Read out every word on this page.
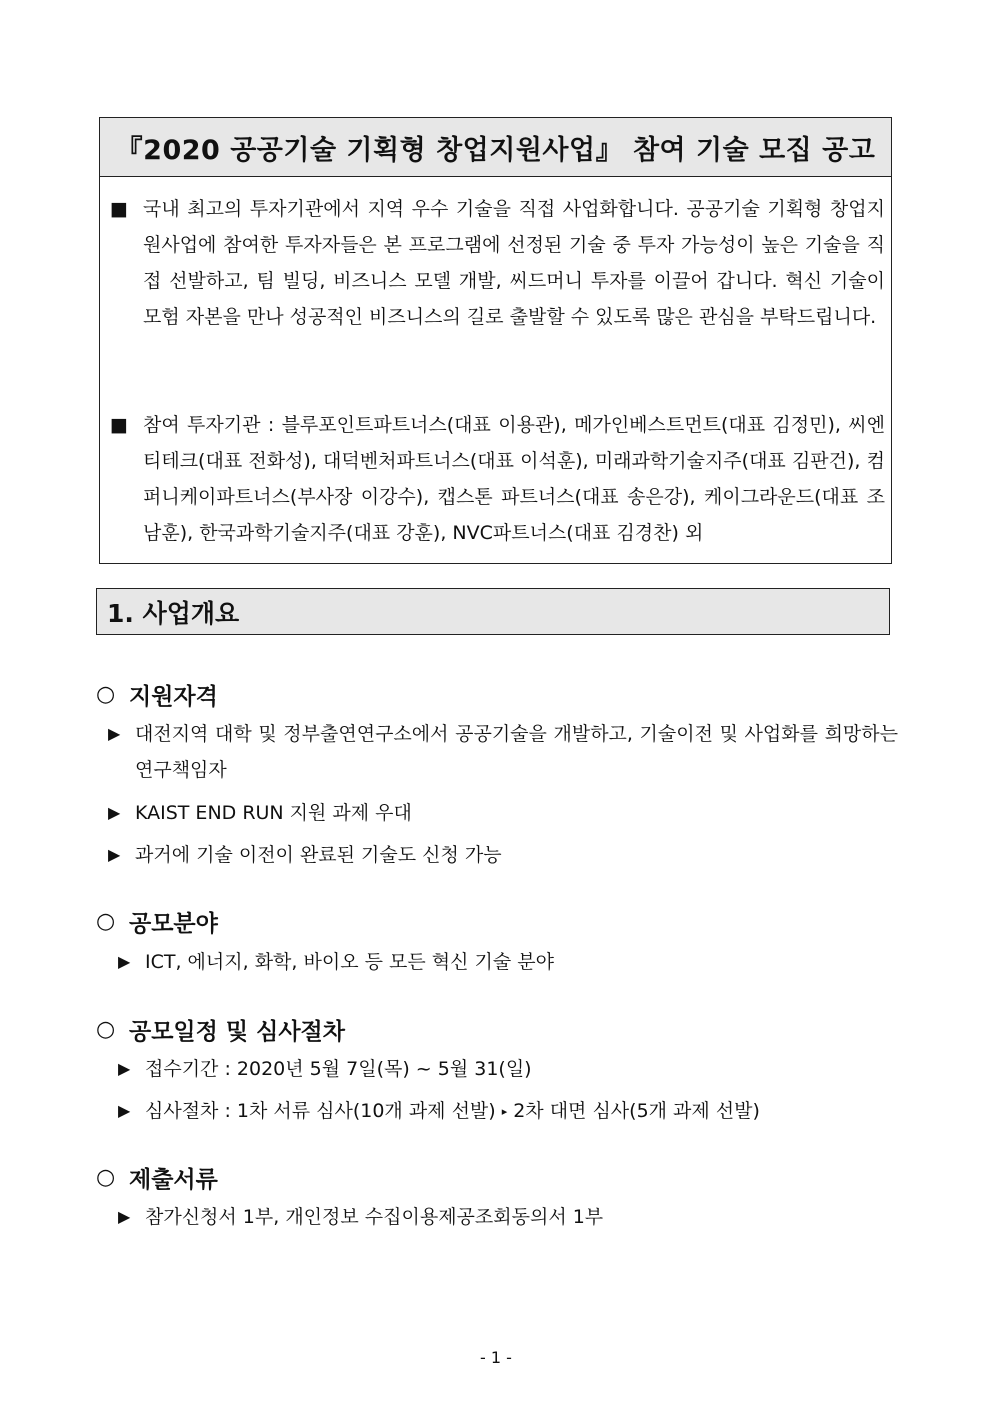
『2020 공공기술 기획형 창업지원사업』 참여 기술 모집 공고
■ 국내 최고의 투자기관에서 지역 우수 기술을 직접 사업화합니다. 공공기술 기획형 창업지원사업에 참여한 투자자들은 본 프로그램에 선정된 기술 중 투자 가능성이 높은 기술을 직접 선발하고, 팀 빌딩, 비즈니스 모델 개발, 씨드머니 투자를 이끌어 갑니다. 혁신 기술이 모험 자본을 만나 성공적인 비즈니스의 길로 출발할 수 있도록 많은 관심을 부탁드립니다.
■ 참여 투자기관 : 블루포인트파트너스(대표 이용관), 메가인베스트먼트(대표 김정민), 씨엔티테크(대표 전화성), 대덕벤처파트너스(대표 이석훈), 미래과학기술지주(대표 김판건), 컴퍼니케이파트너스(부사장 이강수), 캡스톤 파트너스(대표 송은강), 케이그라운드(대표 조남훈), 한국과학기술지주(대표 강훈), NVC파트너스(대표 김경찬) 외
1. 사업개요
○ 지원자격
▶ 대전지역 대학 및 정부출연연구소에서 공공기술을 개발하고, 기술이전 및 사업화를 희망하는 연구책임자
▶ KAIST END RUN 지원 과제 우대
▶ 과거에 기술 이전이 완료된 기술도 신청 가능
○ 공모분야
▶ ICT, 에너지, 화학, 바이오 등 모든 혁신 기술 분야
○ 공모일정 및 심사절차
▶ 접수기간 : 2020년 5월 7일(목) ~ 5월 31(일)
▶ 심사절차 : 1차 서류 심사(10개 과제 선발) ▸ 2차 대면 심사(5개 과제 선발)
○ 제출서류
▶ 참가신청서 1부, 개인정보 수집이용제공조회동의서 1부
- 1 -
